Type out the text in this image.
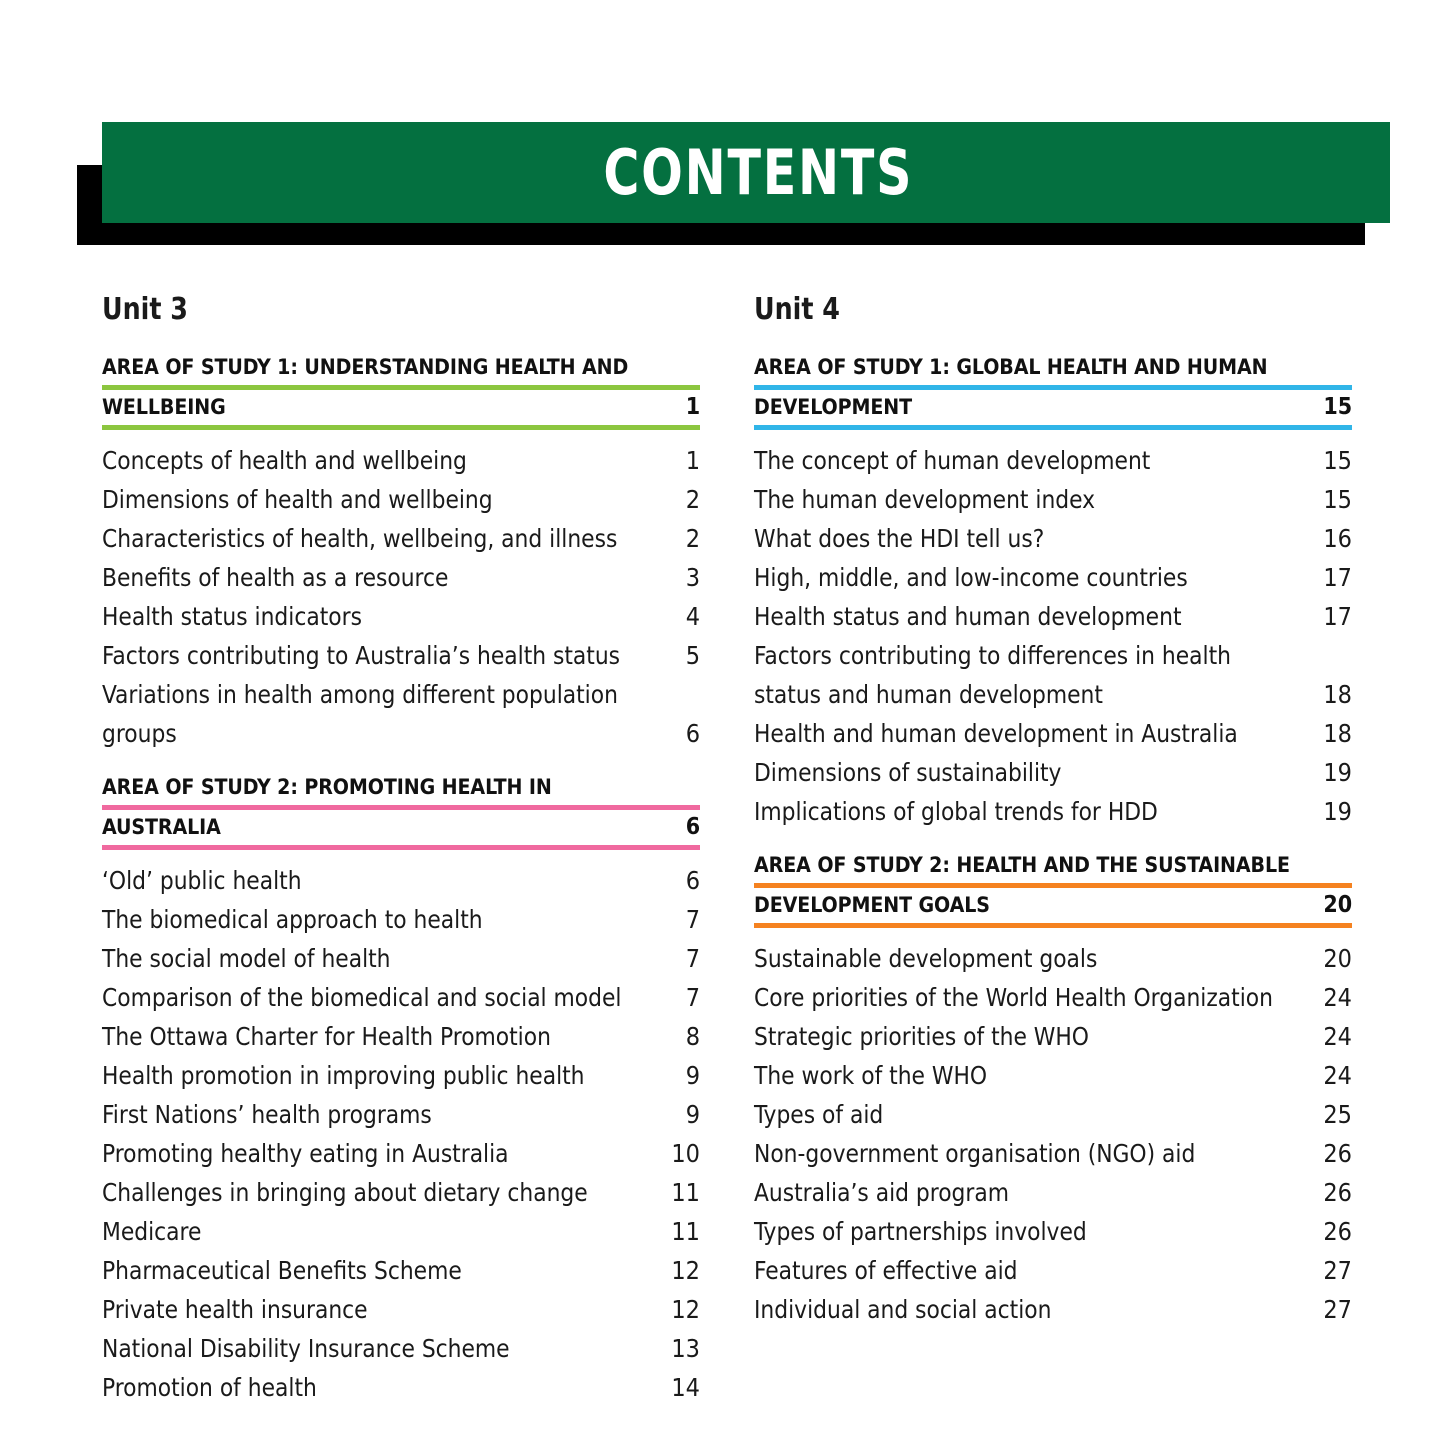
CONTENTS
Unit 3
AREA OF STUDY 1: UNDERSTANDING HEALTH AND
WELLBEING	1
Concepts of health and wellbeing	1
Dimensions of health and wellbeing	2
Characteristics of health, wellbeing, and illness	2
Benefits of health as a resource	3
Health status indicators	4
Factors contributing to Australia’s health status	5
Variations in health among different population groups	6
AREA OF STUDY 2: PROMOTING HEALTH IN
AUSTRALIA	6
‘Old’ public health	6
The biomedical approach to health	7
The social model of health	7
Comparison of the biomedical and social model	7
The Ottawa Charter for Health Promotion	8
Health promotion in improving public health	9
First Nations’ health programs	9
Promoting healthy eating in Australia	10
Challenges in bringing about dietary change	11
Medicare	11
Pharmaceutical Benefits Scheme	12
Private health insurance	12
National Disability Insurance Scheme	13
Promotion of health	14
Unit 4
AREA OF STUDY 1: GLOBAL HEALTH AND HUMAN
DEVELOPMENT	15
The concept of human development	15
The human development index	15
What does the HDI tell us?	16
High, middle, and low-income countries	17
Health status and human development	17
Factors contributing to differences in health status and human development	18
Health and human development in Australia	18
Dimensions of sustainability	19
Implications of global trends for HDD	19
AREA OF STUDY 2: HEALTH AND THE SUSTAINABLE
DEVELOPMENT GOALS	20
Sustainable development goals	20
Core priorities of the World Health Organization	24
Strategic priorities of the WHO	24
The work of the WHO	24
Types of aid	25
Non-government organisation (NGO) aid	26
Australia’s aid program	26
Types of partnerships involved	26
Features of effective aid	27
Individual and social action	27
